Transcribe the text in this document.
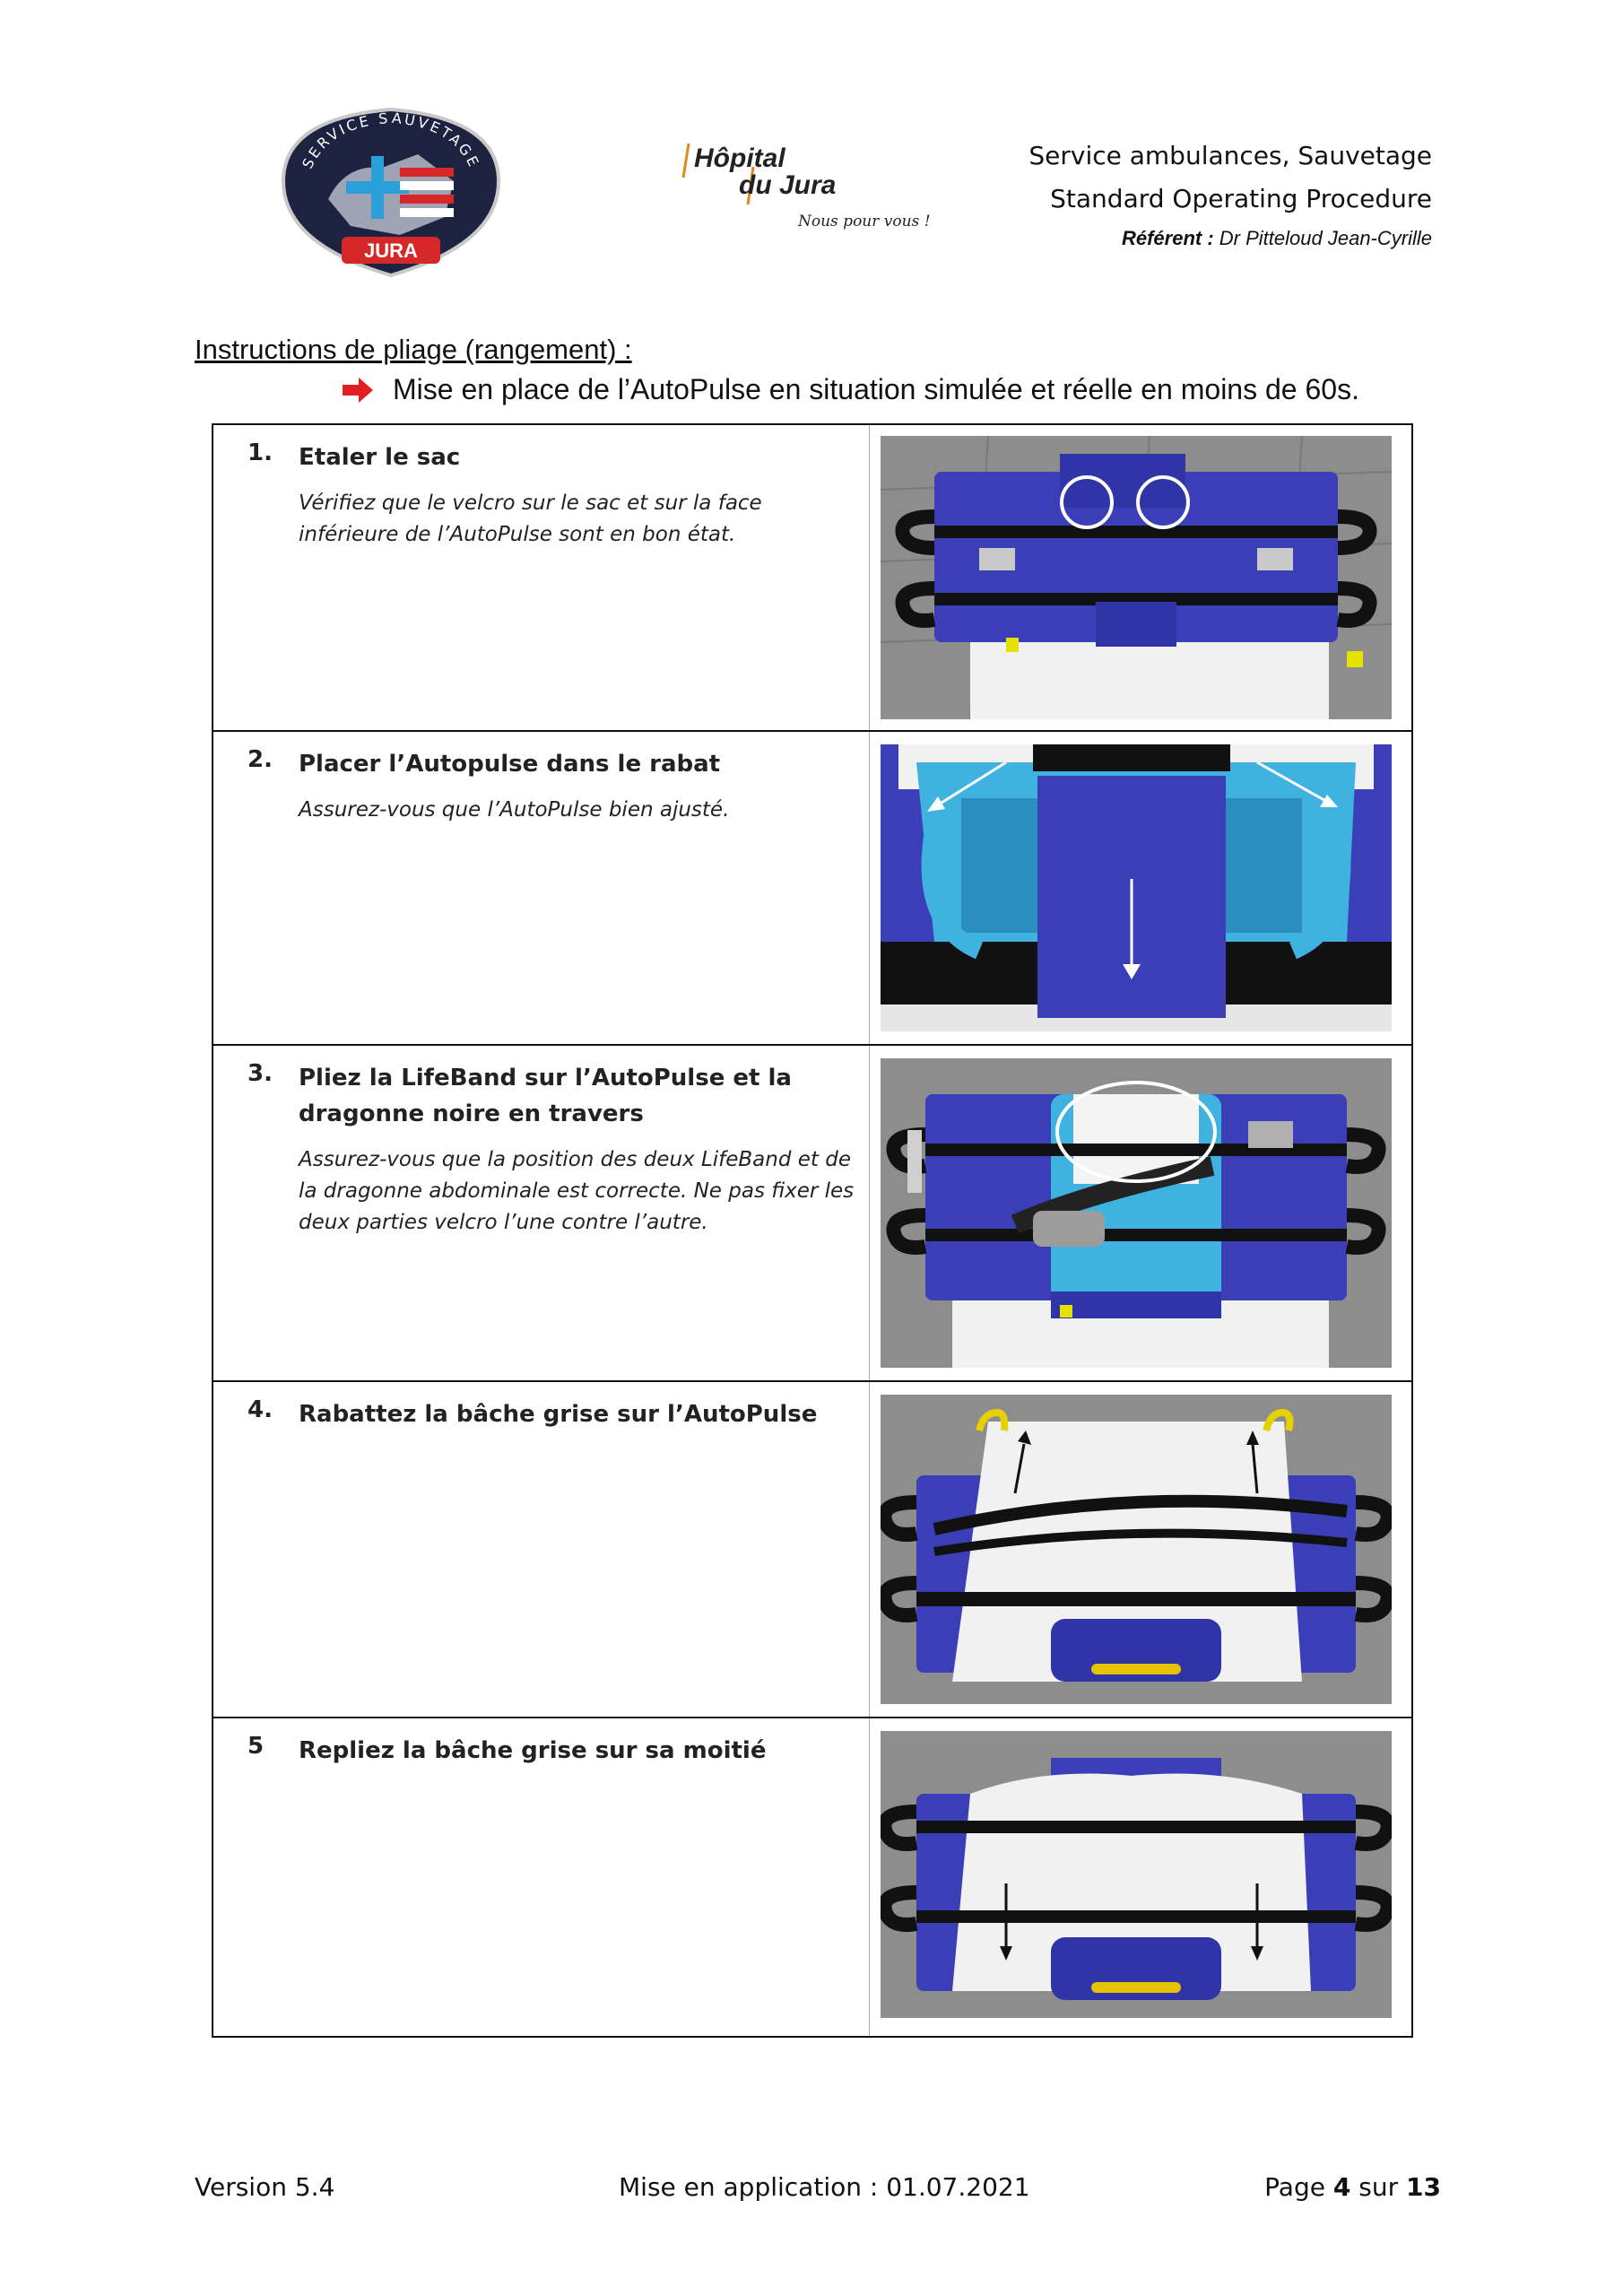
SERVICE SAUVETAGE
JURA
Hôpital
du Jura
Nous pour vous !
Service ambulances, Sauvetage
Standard Operating Procedure
Référent : Dr Pitteloud Jean-Cyrille
Instructions de pliage (rangement) :
Mise en place de l’AutoPulse en situation simulée et réelle en moins de 60s.
1. Etaler le sac
Vérifiez que le velcro sur le sac et sur la face inférieure de l’AutoPulse sont en bon état.
2. Placer l’Autopulse dans le rabat
Assurez-vous que l’AutoPulse bien ajusté.
3. Pliez la LifeBand sur l’AutoPulse et la dragonne noire en travers
Assurez-vous que la position des deux LifeBand et de la dragonne abdominale est correcte. Ne pas fixer les deux parties velcro l’une contre l’autre.
4. Rabattez la bâche grise sur l’AutoPulse
5 Repliez la bâche grise sur sa moitié
Version 5.4	Mise en application : 01.07.2021	Page 4 sur 13
